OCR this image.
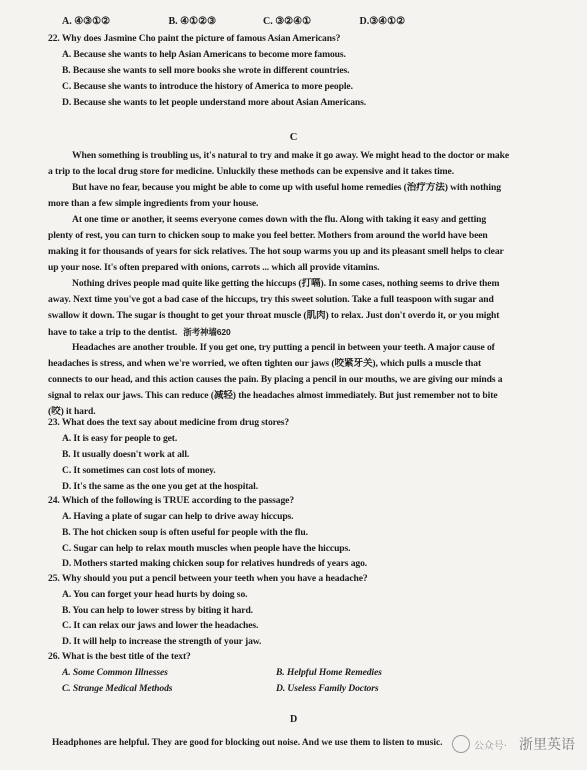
A. ④③①②	B. ④①②③	C. ③②④①	D.③④①②
22. Why does Jasmine Cho paint the picture of famous Asian Americans?
A. Because she wants to help Asian Americans to become more famous.
B. Because she wants to sell more books she wrote in different countries.
C. Because she wants to introduce the history of America to more people.
D. Because she wants to let people understand more about Asian Americans.
C
When something is troubling us, it's natural to try and make it go away. We might head to the doctor or make
a trip to the local drug store for medicine. Unluckily these methods can be expensive and it takes time.
But have no fear, because you might be able to come up with useful home remedies (治疗方法) with nothing
more than a few simple ingredients from your house.
At one time or another, it seems everyone comes down with the flu. Along with taking it easy and getting
plenty of rest, you can turn to chicken soup to make you feel better. Mothers from around the world have been
making it for thousands of years for sick relatives. The hot soup warms you up and its pleasant smell helps to clear
up your nose. It's often prepared with onions, carrots ... which all provide vitamins.
Nothing drives people mad quite like getting the hiccups (打嗝). In some cases, nothing seems to drive them
away. Next time you've got a bad case of the hiccups, try this sweet solution. Take a full teaspoon with sugar and
swallow it down. The sugar is thought to get your throat muscle (肌肉) to relax. Just don't overdo it, or you might
have to take a trip to the dentist. 浙考神墙620
Headaches are another trouble. If you get one, try putting a pencil in between your teeth. A major cause of
headaches is stress, and when we're worried, we often tighten our jaws (咬紧牙关), which pulls a muscle that
connects to our head, and this action causes the pain. By placing a pencil in our mouths, we are giving our minds a
signal to relax our jaws. This can reduce (减轻) the headaches almost immediately. But just remember not to bite
(咬) it hard.
23. What does the text say about medicine from drug stores?
A. It is easy for people to get.
B. It usually doesn't work at all.
C. It sometimes can cost lots of money.
D. It's the same as the one you get at the hospital.
24. Which of the following is TRUE according to the passage?
A. Having a plate of sugar can help to drive away hiccups.
B. The hot chicken soup is often useful for people with the flu.
C. Sugar can help to relax mouth muscles when people have the hiccups.
D. Mothers started making chicken soup for relatives hundreds of years ago.
25. Why should you put a pencil between your teeth when you have a headache?
A. You can forget your head hurts by doing so.
B. You can help to lower stress by biting it hard.
C. It can relax our jaws and lower the headaches.
D. It will help to increase the strength of your jaw.
26. What is the best title of the text?
A. Some Common Illnesses	B. Helpful Home Remedies
C. Strange Medical Methods	D. Useless Family Doctors
D
Headphones are helpful. They are good for blocking out noise. And we use them to listen to music.	公众号· 浙里英语
